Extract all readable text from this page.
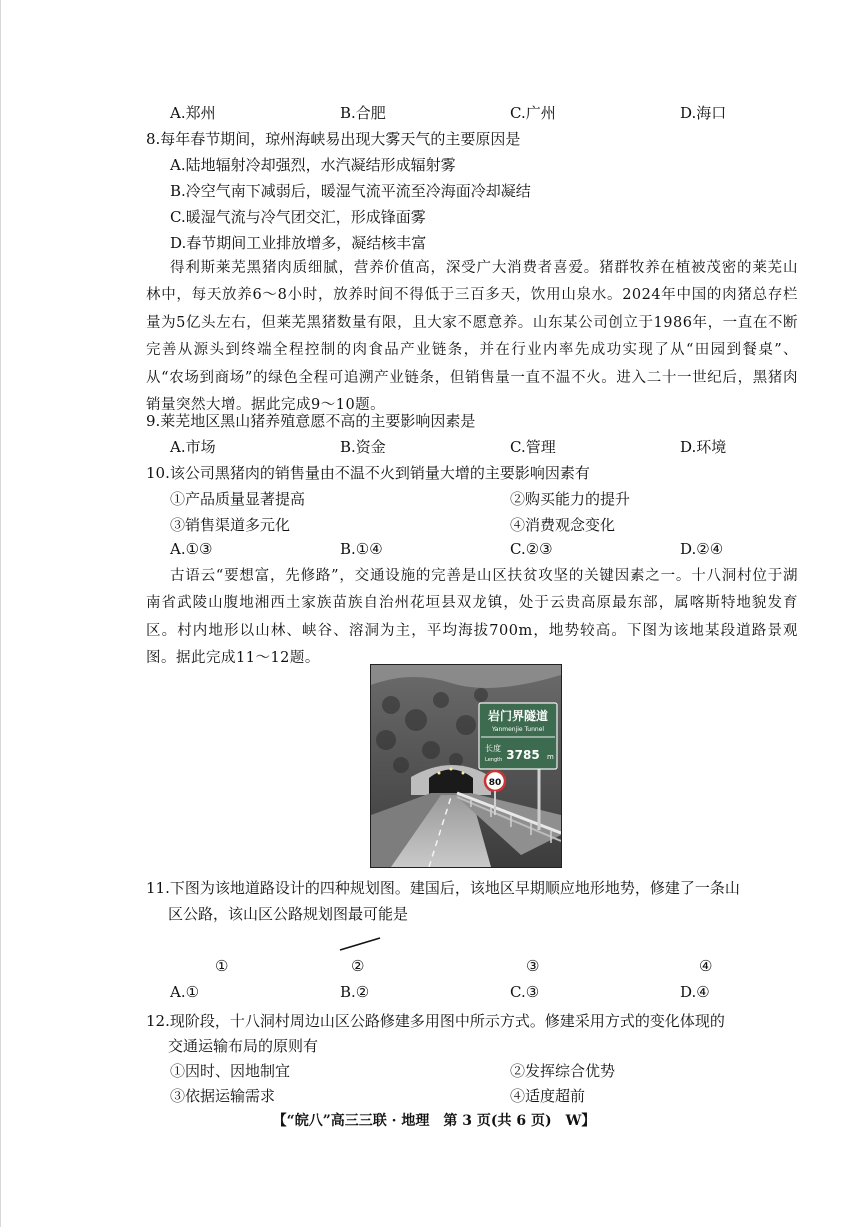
A.郑州	B.合肥	C.广州	D.海口
8.每年春节期间，琼州海峡易出现大雾天气的主要原因是
A.陆地辐射冷却强烈，水汽凝结形成辐射雾
B.冷空气南下减弱后，暖湿气流平流至冷海面冷却凝结
C.暖湿气流与冷气团交汇，形成锋面雾
D.春节期间工业排放增多，凝结核丰富
得利斯莱芜黑猪肉质细腻，营养价值高，深受广大消费者喜爱。猪群牧养在植被茂密的莱芜山林中，每天放养6～8小时，放养时间不得低于三百多天，饮用山泉水。2024年中国的肉猪总存栏量为5亿头左右，但莱芜黑猪数量有限，且大家不愿意养。山东某公司创立于1986年，一直在不断完善从源头到终端全程控制的肉食品产业链条，并在行业内率先成功实现了从“田园到餐桌”、从“农场到商场”的绿色全程可追溯产业链条，但销售量一直不温不火。进入二十一世纪后，黑猪肉销量突然大增。据此完成9～10题。
9.莱芜地区黑山猪养殖意愿不高的主要影响因素是
A.市场	B.资金	C.管理	D.环境
10.该公司黑猪肉的销售量由不温不火到销量大增的主要影响因素有
①产品质量显著提高	②购买能力的提升
③销售渠道多元化	④消费观念变化
A.①③	B.①④	C.②③	D.②④
古语云“要想富，先修路”，交通设施的完善是山区扶贫攻坚的关键因素之一。十八洞村位于湖南省武陵山腹地湘西土家族苗族自治州花垣县双龙镇，处于云贵高原最东部，属喀斯特地貌发育区。村内地形以山林、峡谷、溶洞为主，平均海拔700m，地势较高。下图为该地某段道路景观图。据此完成11～12题。
岩门界隧道
Yanmenjie Tunnel
长度
Length 3785 m
80
11.下图为该地道路设计的四种规划图。建国后，该地区早期顺应地形地势，修建了一条山
区公路，该山区公路规划图最可能是
①	②	③	④
A.①	B.②	C.③	D.④
12.现阶段，十八洞村周边山区公路修建多用图中所示方式。修建采用方式的变化体现的
交通运输布局的原则有
①因时、因地制宜	②发挥综合优势
③依据运输需求	④适度超前
【“皖八”高三三联 · 地理　第 3 页(共 6 页)　W】
